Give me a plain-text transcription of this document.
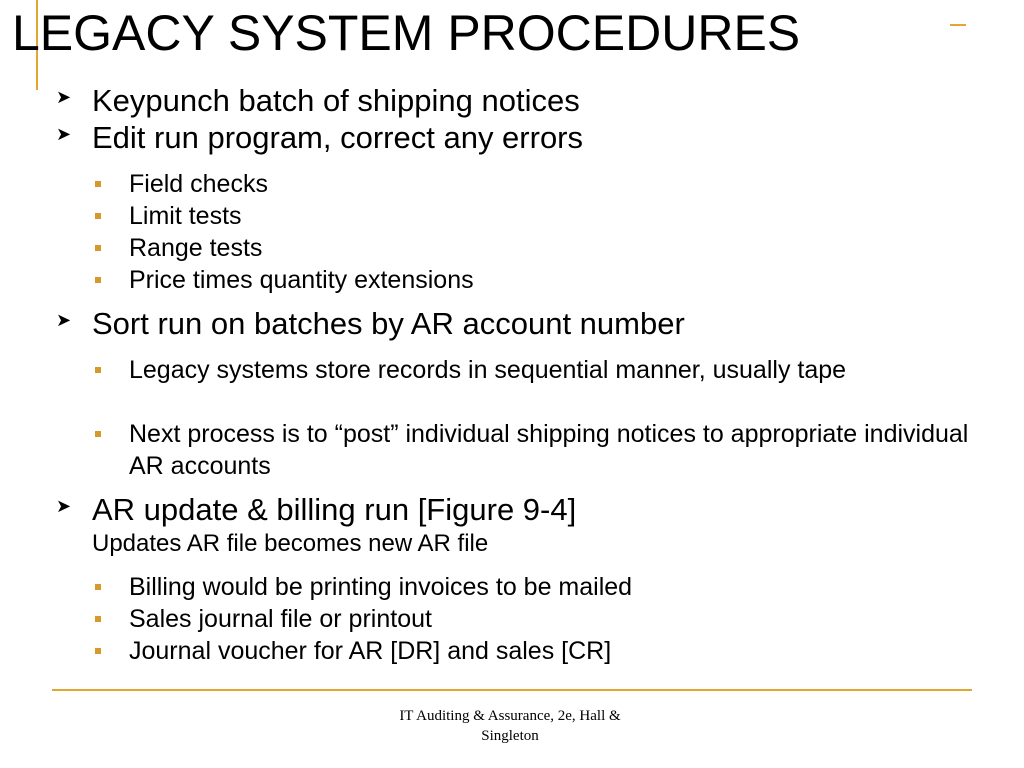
LEGACY SYSTEM PROCEDURES
➤ Keypunch batch of shipping notices
➤ Edit run program, correct any errors
Field checks
Limit tests
Range tests
Price times quantity extensions
➤ Sort run on batches by AR account number
Legacy systems store records in sequential manner, usually tape
Next process is to “post” individual shipping notices to appropriate individual AR accounts
➤ AR update & billing run [Figure 9-4]
Updates AR file becomes new AR file
Billing would be printing invoices to be mailed
Sales journal file or printout
Journal voucher for AR [DR] and sales [CR]
IT Auditing & Assurance, 2e, Hall & Singleton
